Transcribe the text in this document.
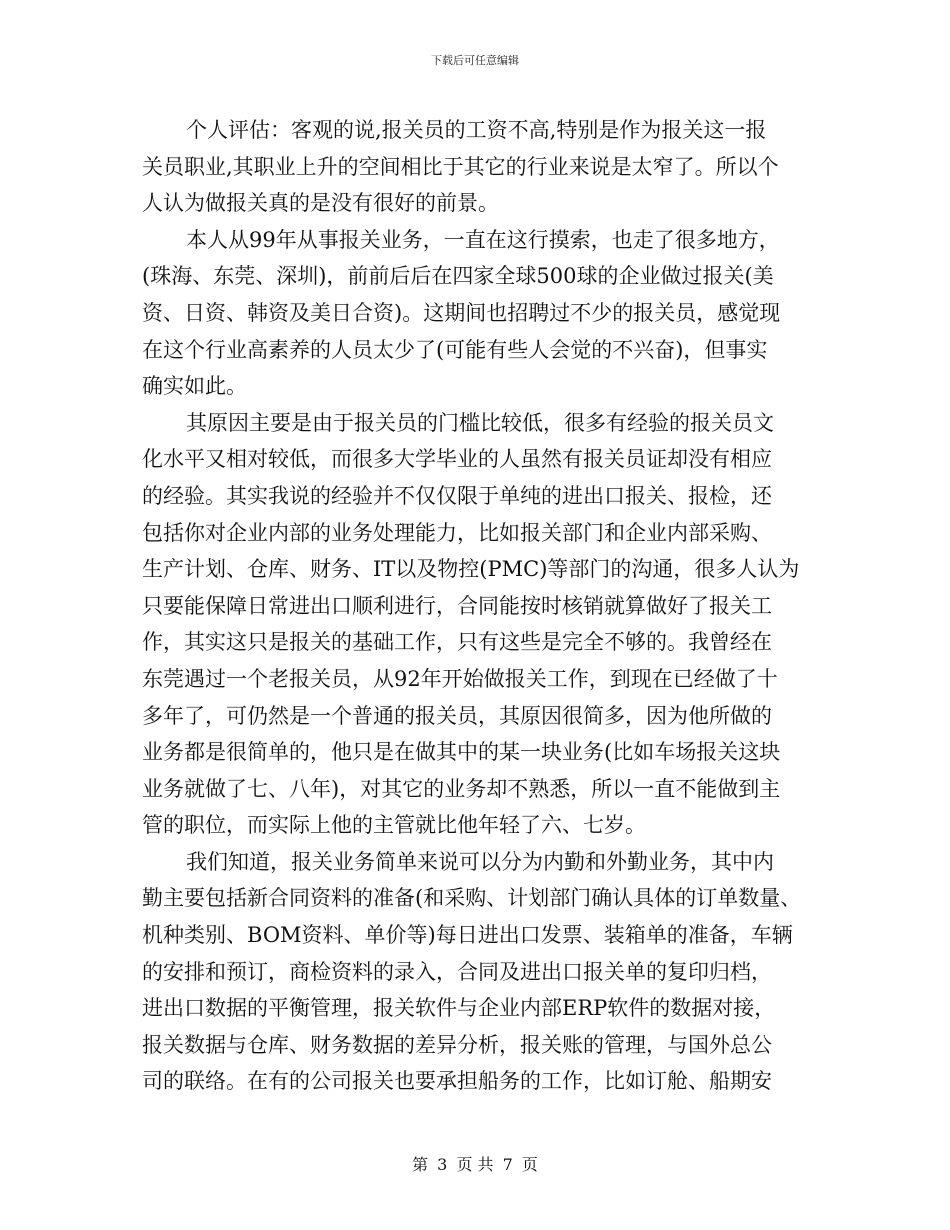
下载后可任意编辑
个人评估：客观的说,报关员的工资不高,特别是作为报关这一报
关员职业,其职业上升的空间相比于其它的行业来说是太窄了。所以个
人认为做报关真的是没有很好的前景。
本人从99年从事报关业务，一直在这行摸索，也走了很多地方，
(珠海、东莞、深圳)，前前后后在四家全球500球的企业做过报关(美
资、日资、韩资及美日合资)。这期间也招聘过不少的报关员，感觉现
在这个行业高素养的人员太少了(可能有些人会觉的不兴奋)，但事实
确实如此。
其原因主要是由于报关员的门槛比较低，很多有经验的报关员文
化水平又相对较低，而很多大学毕业的人虽然有报关员证却没有相应
的经验。其实我说的经验并不仅仅限于单纯的进出口报关、报检，还
包括你对企业内部的业务处理能力，比如报关部门和企业内部采购、
生产计划、仓库、财务、IT以及物控(PMC)等部门的沟通，很多人认为
只要能保障日常进出口顺利进行，合同能按时核销就算做好了报关工
作，其实这只是报关的基础工作，只有这些是完全不够的。我曾经在
东莞遇过一个老报关员，从92年开始做报关工作，到现在已经做了十
多年了，可仍然是一个普通的报关员，其原因很简多，因为他所做的
业务都是很简单的，他只是在做其中的某一块业务(比如车场报关这块
业务就做了七、八年)，对其它的业务却不熟悉，所以一直不能做到主
管的职位，而实际上他的主管就比他年轻了六、七岁。
我们知道，报关业务简单来说可以分为内勤和外勤业务，其中内
勤主要包括新合同资料的准备(和采购、计划部门确认具体的订单数量、
机种类别、BOM资料、单价等)每日进出口发票、装箱单的准备，车辆
的安排和预订，商检资料的录入，合同及进出口报关单的复印归档，
进出口数据的平衡管理，报关软件与企业内部ERP软件的数据对接，
报关数据与仓库、财务数据的差异分析，报关账的管理，与国外总公
司的联络。在有的公司报关也要承担船务的工作，比如订舱、船期安
第 3 页 共 7 页
